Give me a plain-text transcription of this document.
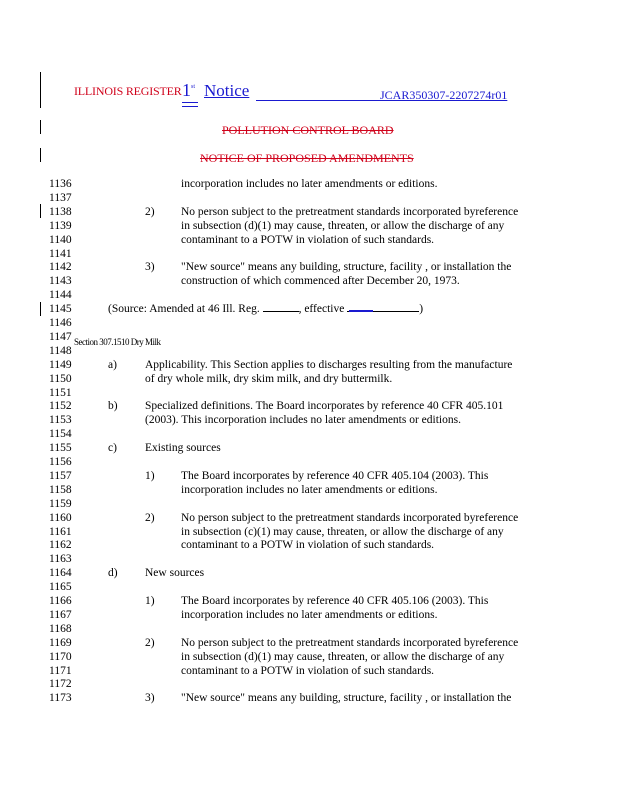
ILLINOIS REGISTER 1st Notice	JCAR350307-2207274r01
POLLUTION CONTROL BOARD
NOTICE OF PROPOSED AMENDMENTS
1136	incorporation includes no later amendments or editions.
1137
1138	2) No person subject to the pretreatment standards incorporated byreference
1139	in subsection (d)(1) may cause, threaten, or allow the discharge of any
1140	contaminant to a POTW in violation of such standards.
1141
1142	3) "New source" means any building, structure, facility , or installation the
1143	construction of which commenced after December 20, 1973.
1144
1145
1146
1147
1148
1149	a) Applicability. This Section applies to discharges resulting from the manufacture
1150	of dry whole milk, dry skim milk, and dry buttermilk.
1151
1152	b) Specialized definitions. The Board incorporates by reference 40 CFR 405.101
1153	(2003). This incorporation includes no later amendments or editions.
1154
1155	c) Existing sources
1156
1157	1) The Board incorporates by reference 40 CFR 405.104 (2003). This
1158	incorporation includes no later amendments or editions.
1159
1160	2) No person subject to the pretreatment standards incorporated byreference
1161	in subsection (c)(1) may cause, threaten, or allow the discharge of any
1162	contaminant to a POTW in violation of such standards.
1163
1164	d) New sources
1165
1166	1) The Board incorporates by reference 40 CFR 405.106 (2003). This
1167	incorporation includes no later amendments or editions.
1168
1169	2) No person subject to the pretreatment standards incorporated byreference
1170	in subsection (d)(1) may cause, threaten, or allow the discharge of any
1171	contaminant to a POTW in violation of such standards.
1172
1173	3) "New source" means any building, structure, facility , or installation the
(Source: Amended at 46 Ill. Reg.	, effective	)
Section 307.1510 Dry Milk
